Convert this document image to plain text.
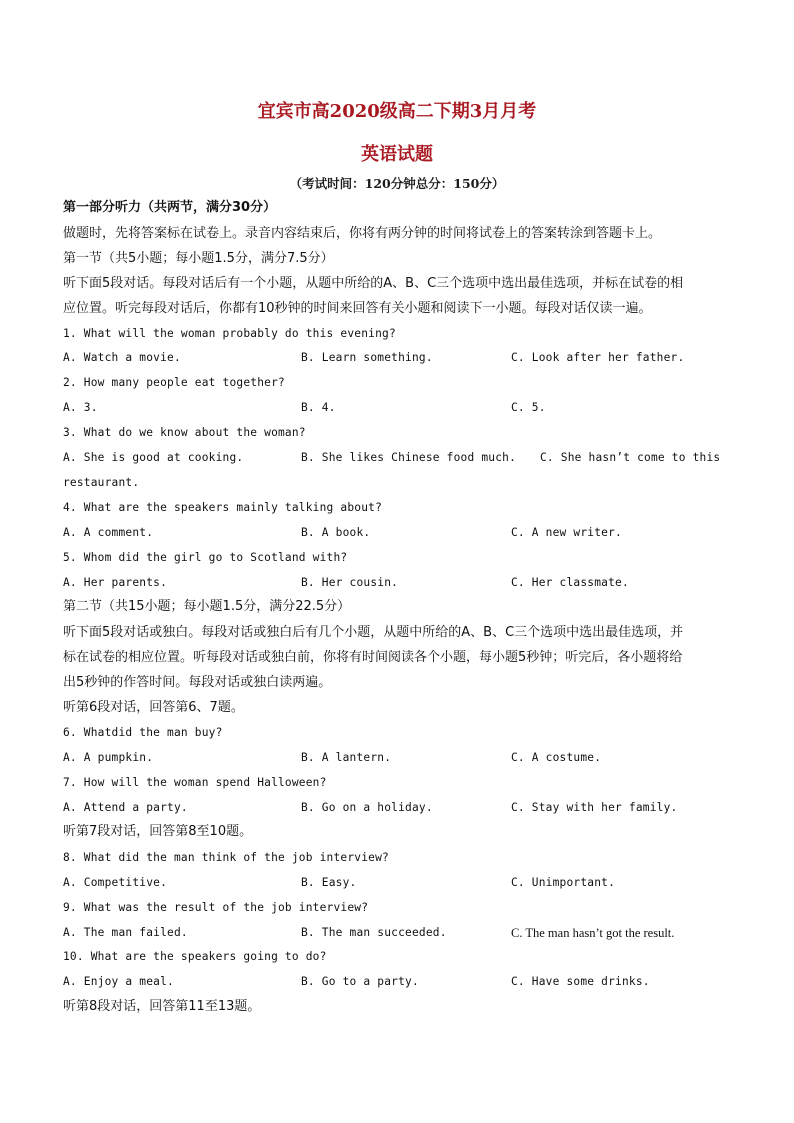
宜宾市高2020级高二下期3月月考
英语试题
（考试时间：120分钟总分：150分）
第一部分听力（共两节，满分30分）
做题时，先将答案标在试卷上。录音内容结束后，你将有两分钟的时间将试卷上的答案转涂到答题卡上。
第一节（共5小题；每小题1.5分，满分7.5分）
听下面5段对话。每段对话后有一个小题，从题中所给的A、B、C三个选项中选出最佳选项，并标在试卷的相
应位置。听完每段对话后，你都有10秒钟的时间来回答有关小题和阅读下一小题。每段对话仅读一遍。
1. What will the woman probably do this evening?
A. Watch a movie.	B. Learn something.	C. Look after her father.
2. How many people eat together?
A. 3.	B. 4.	C. 5.
3. What do we know about the woman?
A. She is good at cooking.	B. She likes Chinese food much. C. She hasn’t come to this
restaurant.
4. What are the speakers mainly talking about?
A. A comment.	B. A book.	C. A new writer.
5. Whom did the girl go to Scotland with?
A. Her parents.	B. Her cousin.	C. Her classmate.
第二节（共15小题；每小题1.5分，满分22.5分）
听下面5段对话或独白。每段对话或独白后有几个小题，从题中所给的A、B、C三个选项中选出最佳选项，并
标在试卷的相应位置。听每段对话或独白前，你将有时间阅读各个小题，每小题5秒钟；听完后，各小题将给
出5秒钟的作答时间。每段对话或独白读两遍。
听第6段对话，回答第6、7题。
6. Whatdid the man buy?
A. A pumpkin.	B. A lantern.	C. A costume.
7. How will the woman spend Halloween?
A. Attend a party.	B. Go on a holiday.	C. Stay with her family.
听第7段对话，回答第8至10题。
8. What did the man think of the job interview?
A. Competitive.	B. Easy.	C. Unimportant.
9. What was the result of the job interview?
A. The man failed.	B. The man succeeded.	C. The man hasn’t got the result.
10. What are the speakers going to do?
A. Enjoy a meal.	B. Go to a party.	C. Have some drinks.
听第8段对话，回答第11至13题。
